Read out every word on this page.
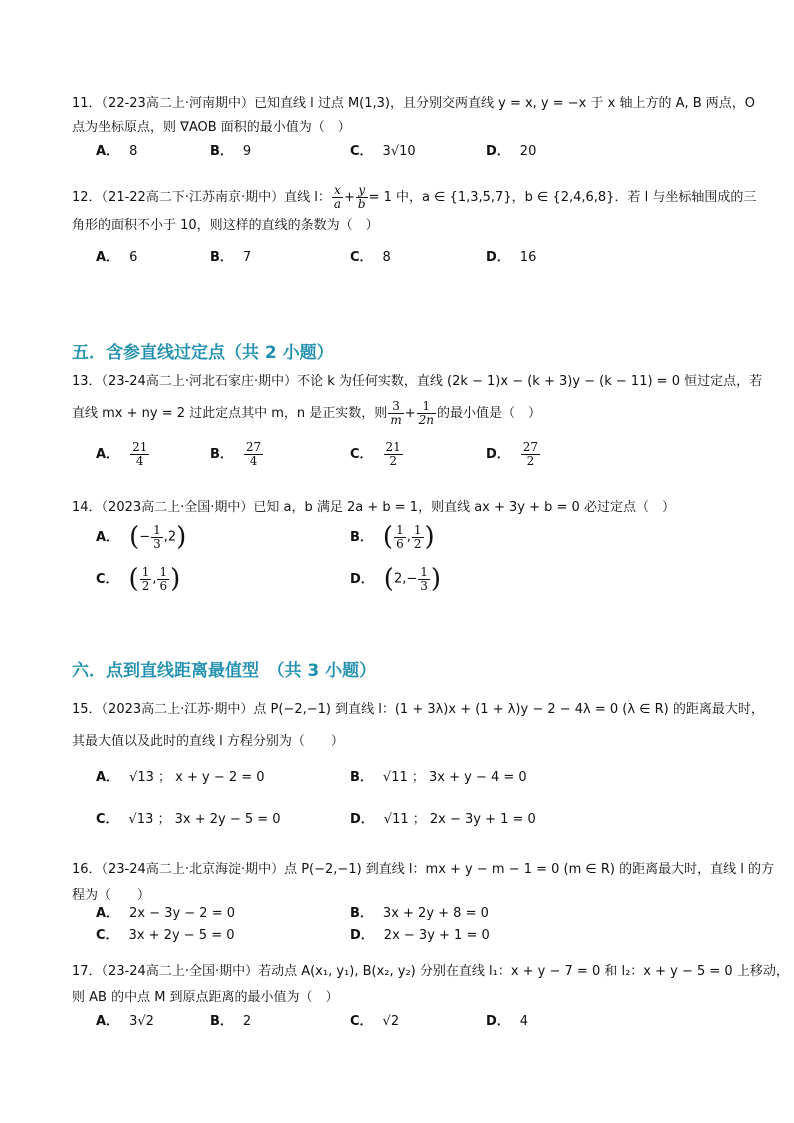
11．（22-23高二上·河南期中）已知直线 l 过点 M(1,3)，且分别交两直线 y = x, y = −x 于 x 轴上方的 A, B 两点，O
点为坐标原点，则 ∇AOB 面积的最小值为（　）
A． 8	B． 9	C． 3√10	D． 20
12．（21-22高二下·江苏南京·期中）直线 l： $\frac{x}{a} + \frac{y}{b} = 1$ 中，a ∈ {1,3,5,7}，b ∈ {2,4,6,8}．若 l 与坐标轴围成的三
角形的面积不小于 10，则这样的直线的条数为（　）
A． 6	B． 7	C． 8	D． 16
五．含参直线过定点（共 2 小题）
13．（23-24高二上·河北石家庄·期中）不论 k 为任何实数，直线 (2k − 1)x − (k + 3)y − (k − 11) = 0 恒过定点，若
直线 mx + ny = 2 过此定点其中 m，n 是正实数，则 $\frac{3}{m} + \frac{1}{2n}$ 的最小值是（　）
A． $\frac{21}{4}$	B． $\frac{27}{4}$	C． $\frac{21}{2}$	D． $\frac{27}{2}$
14．（2023高二上·全国·期中）已知 a，b 满足 2a + b = 1，则直线 ax + 3y + b = 0 必过定点（　）
A． (− $\frac{1}{3} ,2$)	B． ( $\frac{1}{6}$ , $\frac{1}{2}$ )
C． ( $\frac{1}{2}$ , $\frac{1}{6}$ )	D． ($2,- \frac{1}{3}$ )
六．点到直线距离最值型　（共 3 小题）
15．（2023高二上·江苏·期中）点 P(−2,−1) 到直线 l：(1 + 3λ)x + (1 + λ)y − 2 − 4λ = 0 (λ ∈ R) 的距离最大时，
其最大值以及此时的直线 l 方程分别为（　　）
A． √13 ； x + y − 2 = 0	B． √11 ； 3x + y − 4 = 0
C． √13 ； 3x + 2y − 5 = 0	D． √11 ； 2x − 3y + 1 = 0
16．（23-24高二上·北京海淀·期中）点 P(−2,−1) 到直线 l：mx + y − m − 1 = 0 (m ∈ R) 的距离最大时，直线 l 的方
程为（　　）
A． 2x − 3y − 2 = 0	B． 3x + 2y + 8 = 0
C． 3x + 2y − 5 = 0	D． 2x − 3y + 1 = 0
17．（23-24高二上·全国·期中）若动点 A(x₁, y₁), B(x₂, y₂) 分别在直线 l₁：x + y − 7 = 0 和 l₂：x + y − 5 = 0 上移动，
则 AB 的中点 M 到原点距离的最小值为（　）
A． 3√2	B． 2	C． √2	D． 4
